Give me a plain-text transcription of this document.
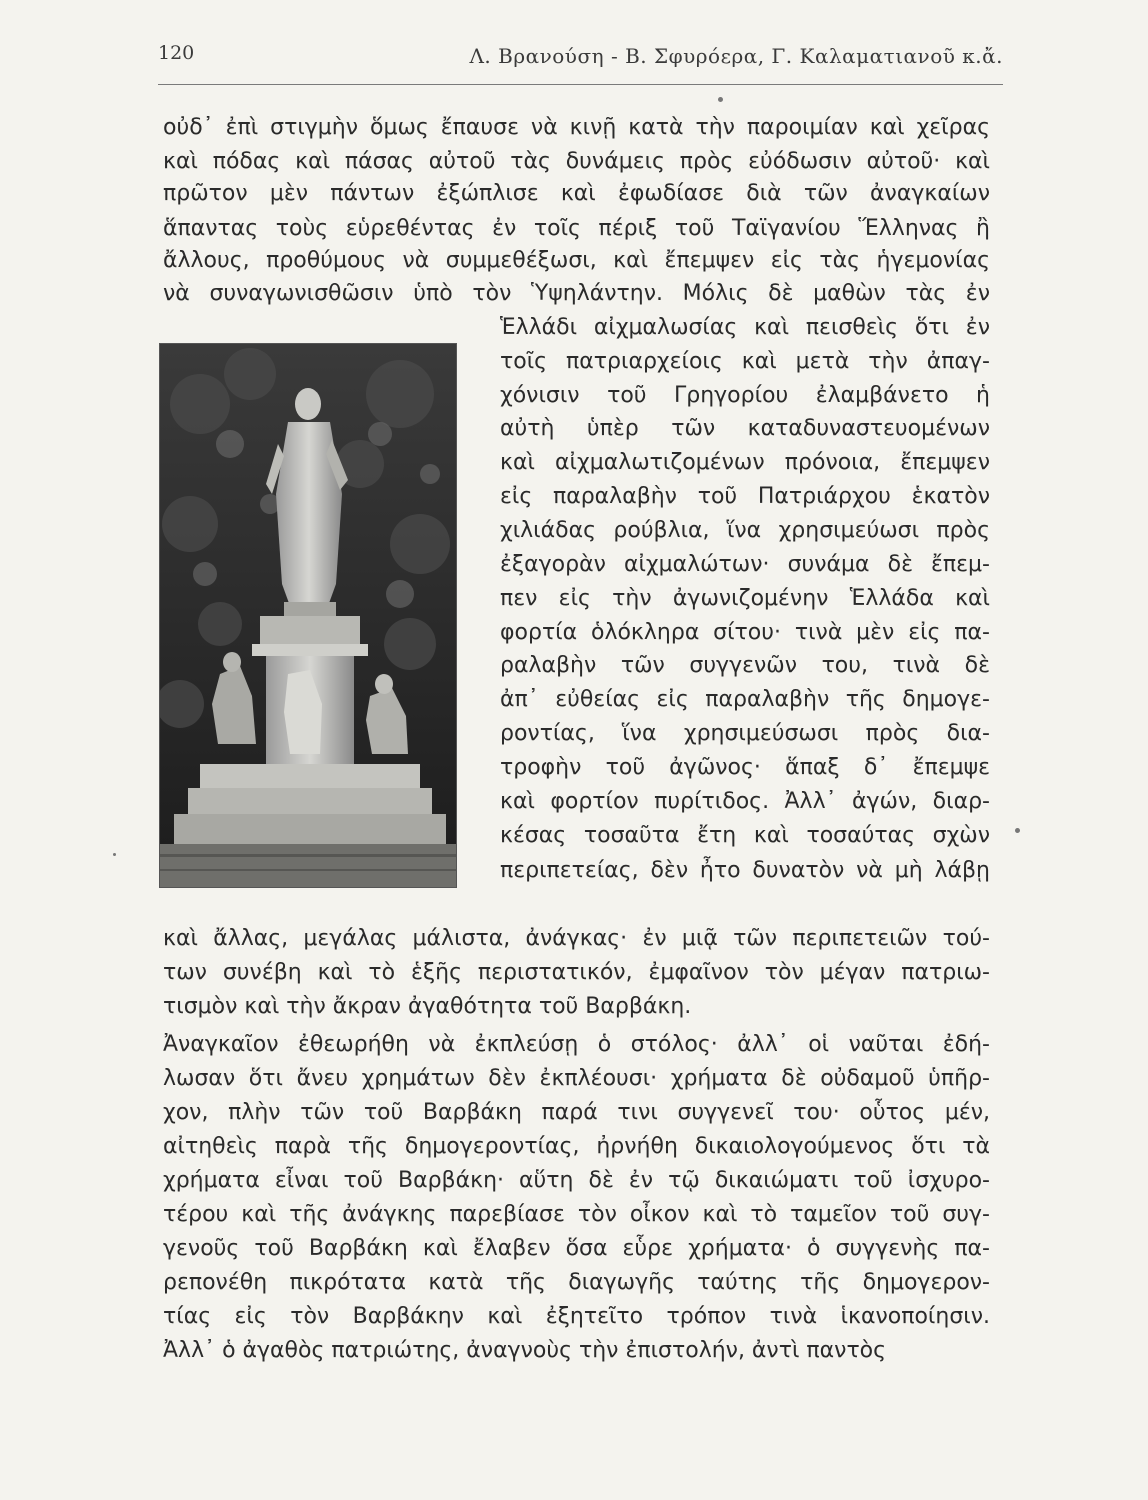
120	Λ. Βρανούση - Β. Σφυρόερα, Γ. Καλαματιανοῦ κ.ἄ.
οὐδ᾽ ἐπὶ στιγμὴν ὅμως ἔπαυσε νὰ κινῇ κατὰ τὴν παροιμίαν καὶ χεῖρας
καὶ πόδας καὶ πάσας αὐτοῦ τὰς δυνάμεις πρὸς εὐόδωσιν αὐτοῦ· καὶ
πρῶτον μὲν πάντων ἐξώπλισε καὶ ἐφωδίασε διὰ τῶν ἀναγκαίων
ἅπαντας τοὺς εὑρεθέντας ἐν τοῖς πέριξ τοῦ Ταϊγανίου Ἕλληνας ἢ
ἄλλους, προθύμους νὰ συμμεθέξωσι, καὶ ἔπεμψεν εἰς τὰς ἡγεμονίας
νὰ συναγωνισθῶσιν ὑπὸ τὸν Ὑψηλάντην. Μόλις δὲ μαθὼν τὰς ἐν
Ἑλλάδι αἰχμαλωσίας καὶ πεισθεὶς ὅτι ἐν
τοῖς πατριαρχείοις καὶ μετὰ τὴν ἀπαγ-
χόνισιν τοῦ Γρηγορίου ἐλαμβάνετο ἡ
αὐτὴ ὑπὲρ τῶν καταδυναστευομένων
καὶ αἰχμαλωτιζομένων πρόνοια, ἔπεμψεν
εἰς παραλαβὴν τοῦ Πατριάρχου ἑκατὸν
χιλιάδας ρούβλια, ἵνα χρησιμεύωσι πρὸς
ἐξαγορὰν αἰχμαλώτων· συνάμα δὲ ἔπεμ-
πεν εἰς τὴν ἀγωνιζομένην Ἑλλάδα καὶ
φορτία ὁλόκληρα σίτου· τινὰ μὲν εἰς πα-
ραλαβὴν τῶν συγγενῶν του, τινὰ δὲ
ἀπ᾽ εὐθείας εἰς παραλαβὴν τῆς δημογε-
ροντίας, ἵνα χρησιμεύσωσι πρὸς δια-
τροφὴν τοῦ ἀγῶνος· ἅπαξ δ᾽ ἔπεμψε
καὶ φορτίον πυρίτιδος. Ἀλλ᾽ ἀγών, διαρ-
κέσας τοσαῦτα ἔτη καὶ τοσαύτας σχὼν
περιπετείας, δὲν ἦτο δυνατὸν νὰ μὴ λάβῃ
καὶ ἄλλας, μεγάλας μάλιστα, ἀνάγκας· ἐν μιᾷ τῶν περιπετειῶν τού-
των συνέβη καὶ τὸ ἑξῆς περιστατικόν, ἐμφαῖνον τὸν μέγαν πατριω-
τισμὸν καὶ τὴν ἄκραν ἀγαθότητα τοῦ Βαρβάκη.
Ἀναγκαῖον ἐθεωρήθη νὰ ἐκπλεύσῃ ὁ στόλος· ἀλλ᾽ οἱ ναῦται ἐδή-
λωσαν ὅτι ἄνευ χρημάτων δὲν ἐκπλέουσι· χρήματα δὲ οὐδαμοῦ ὑπῆρ-
χον, πλὴν τῶν τοῦ Βαρβάκη παρά τινι συγγενεῖ του· οὗτος μέν,
αἰτηθεὶς παρὰ τῆς δημογεροντίας, ἠρνήθη δικαιολογούμενος ὅτι τὰ
χρήματα εἶναι τοῦ Βαρβάκη· αὕτη δὲ ἐν τῷ δικαιώματι τοῦ ἰσχυρο-
τέρου καὶ τῆς ἀνάγκης παρεβίασε τὸν οἶκον καὶ τὸ ταμεῖον τοῦ συγ-
γενοῦς τοῦ Βαρβάκη καὶ ἔλαβεν ὅσα εὗρε χρήματα· ὁ συγγενὴς πα-
ρεπονέθη πικρότατα κατὰ τῆς διαγωγῆς ταύτης τῆς δημογερον-
τίας εἰς τὸν Βαρβάκην καὶ ἐξητεῖτο τρόπον τινὰ ἱκανοποίησιν.
Ἀλλ᾽ ὁ ἀγαθὸς πατριώτης, ἀναγνοὺς τὴν ἐπιστολήν, ἀντὶ παντὸς
